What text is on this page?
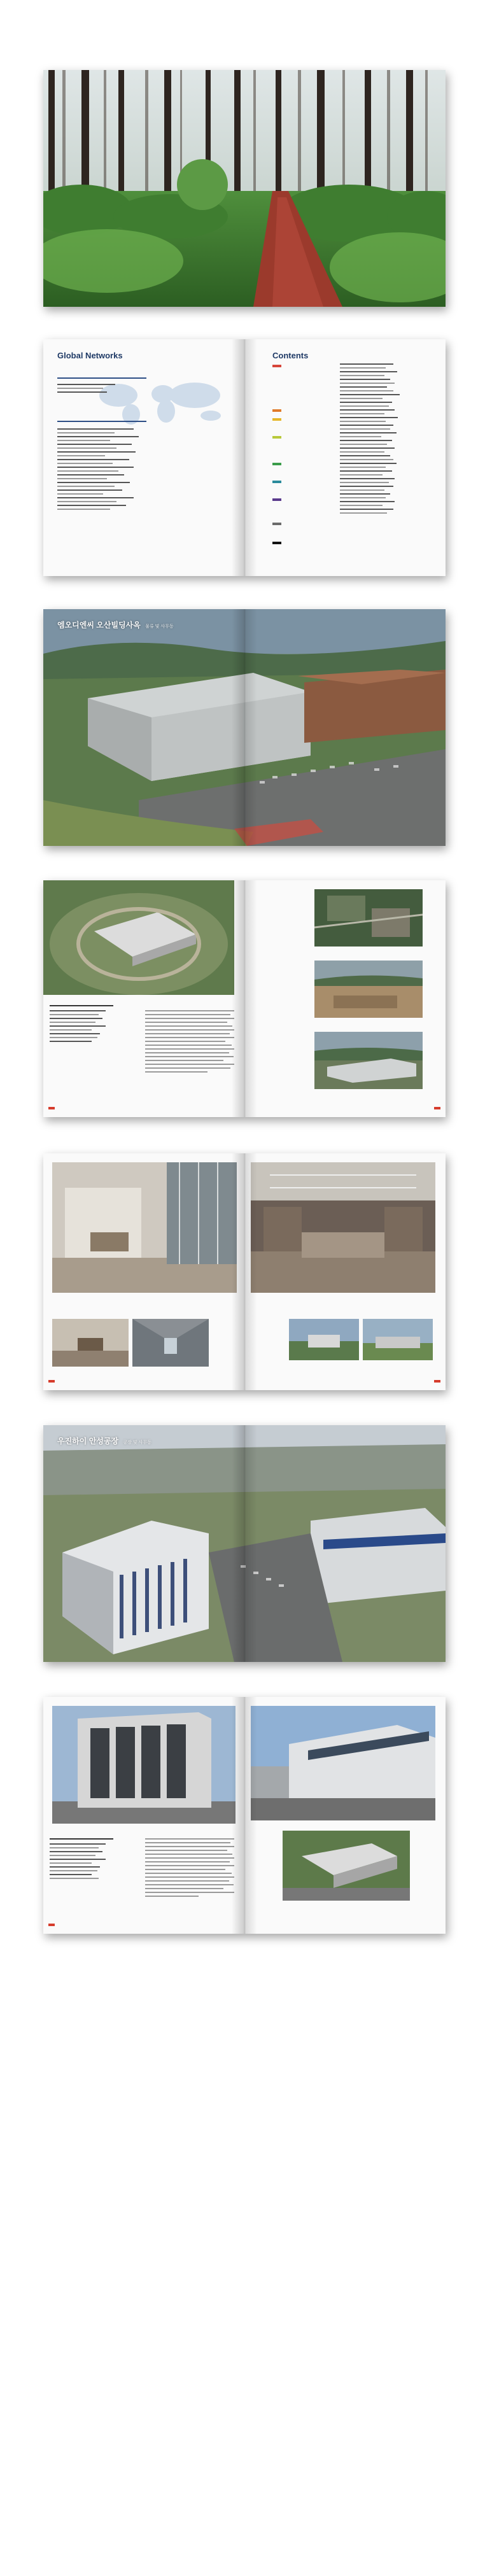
Global Networks	Contents
엠오디엔씨 오산빌딩사옥 물류 및 사무동
우진하이 안성공장 공장 및 사무동
